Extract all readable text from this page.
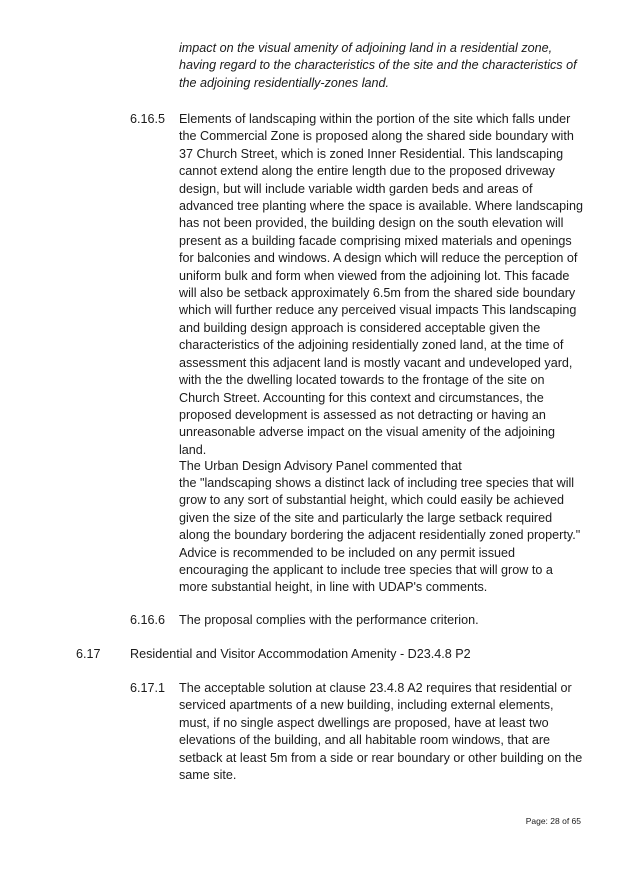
impact on the visual amenity of adjoining land in a residential zone, having regard to the characteristics of the site and the characteristics of the adjoining residentially-zones land.
6.16.5 Elements of landscaping within the portion of the site which falls under the Commercial Zone is proposed along the shared side boundary with 37 Church Street, which is zoned Inner Residential. This landscaping cannot extend along the entire length due to the proposed driveway design, but will include variable width garden beds and areas of advanced tree planting where the space is available. Where landscaping has not been provided, the building design on the south elevation will present as a building facade comprising mixed materials and openings for balconies and windows. A design which will reduce the perception of uniform bulk and form when viewed from the adjoining lot. This facade will also be setback approximately 6.5m from the shared side boundary which will further reduce any perceived visual impacts This landscaping and building design approach is considered acceptable given the characteristics of the adjoining residentially zoned land, at the time of assessment this adjacent land is mostly vacant and undeveloped yard, with the the dwelling located towards to the frontage of the site on Church Street. Accounting for this context and circumstances, the proposed development is assessed as not detracting or having an unreasonable adverse impact on the visual amenity of the adjoining land.
The Urban Design Advisory Panel commented that
the "landscaping shows a distinct lack of including tree species that will grow to any sort of substantial height, which could easily be achieved given the size of the site and particularly the large setback required along the boundary bordering the adjacent residentially zoned property." Advice is recommended to be included on any permit issued encouraging the applicant to include tree species that will grow to a more substantial height, in line with UDAP's comments.
6.16.6 The proposal complies with the performance criterion.
6.17 Residential and Visitor Accommodation Amenity - D23.4.8 P2
6.17.1 The acceptable solution at clause 23.4.8 A2 requires that residential or serviced apartments of a new building, including external elements, must, if no single aspect dwellings are proposed, have at least two elevations of the building, and all habitable room windows, that are setback at least 5m from a side or rear boundary or other building on the same site.
Page: 28 of 65
